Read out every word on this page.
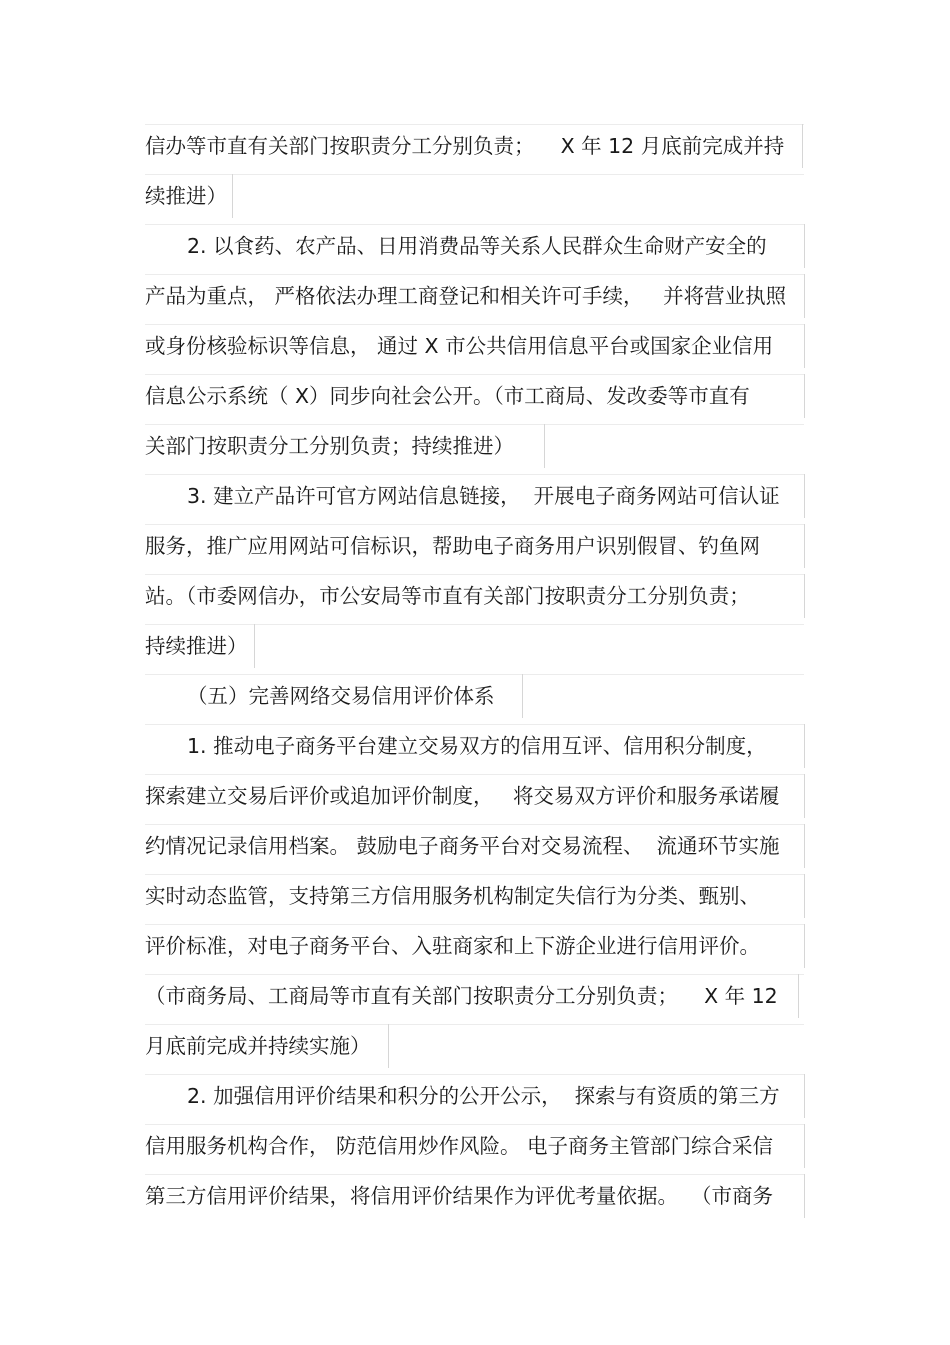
信办等市直有关部门按职责分工分别负责；    X 年 12 月底前完成并持
续推进）
2. 以食药、农产品、日用消费品等关系人民群众生命财产安全的
产品为重点， 严格依法办理工商登记和相关许可手续，   并将营业执照
或身份核验标识等信息， 通过 X 市公共信用信息平台或国家企业信用
信息公示系统（ X）同步向社会公开。（市工商局、发改委等市直有
关部门按职责分工分别负责；持续推进）
3. 建立产品许可官方网站信息链接，  开展电子商务网站可信认证
服务，推广应用网站可信标识，帮助电子商务用户识别假冒、钓鱼网
站。（市委网信办，市公安局等市直有关部门按职责分工分别负责；
持续推进）
（五）完善网络交易信用评价体系
1. 推动电子商务平台建立交易双方的信用互评、信用积分制度，
探索建立交易后评价或追加评价制度，   将交易双方评价和服务承诺履
约情况记录信用档案。 鼓励电子商务平台对交易流程、  流通环节实施
实时动态监管，支持第三方信用服务机构制定失信行为分类、甄别、
评价标准，对电子商务平台、入驻商家和上下游企业进行信用评价。
（市商务局、工商局等市直有关部门按职责分工分别负责；    X 年 12
月底前完成并持续实施）
2. 加强信用评价结果和积分的公开公示，  探索与有资质的第三方
信用服务机构合作， 防范信用炒作风险。 电子商务主管部门综合采信
第三方信用评价结果，将信用评价结果作为评优考量依据。  （市商务
